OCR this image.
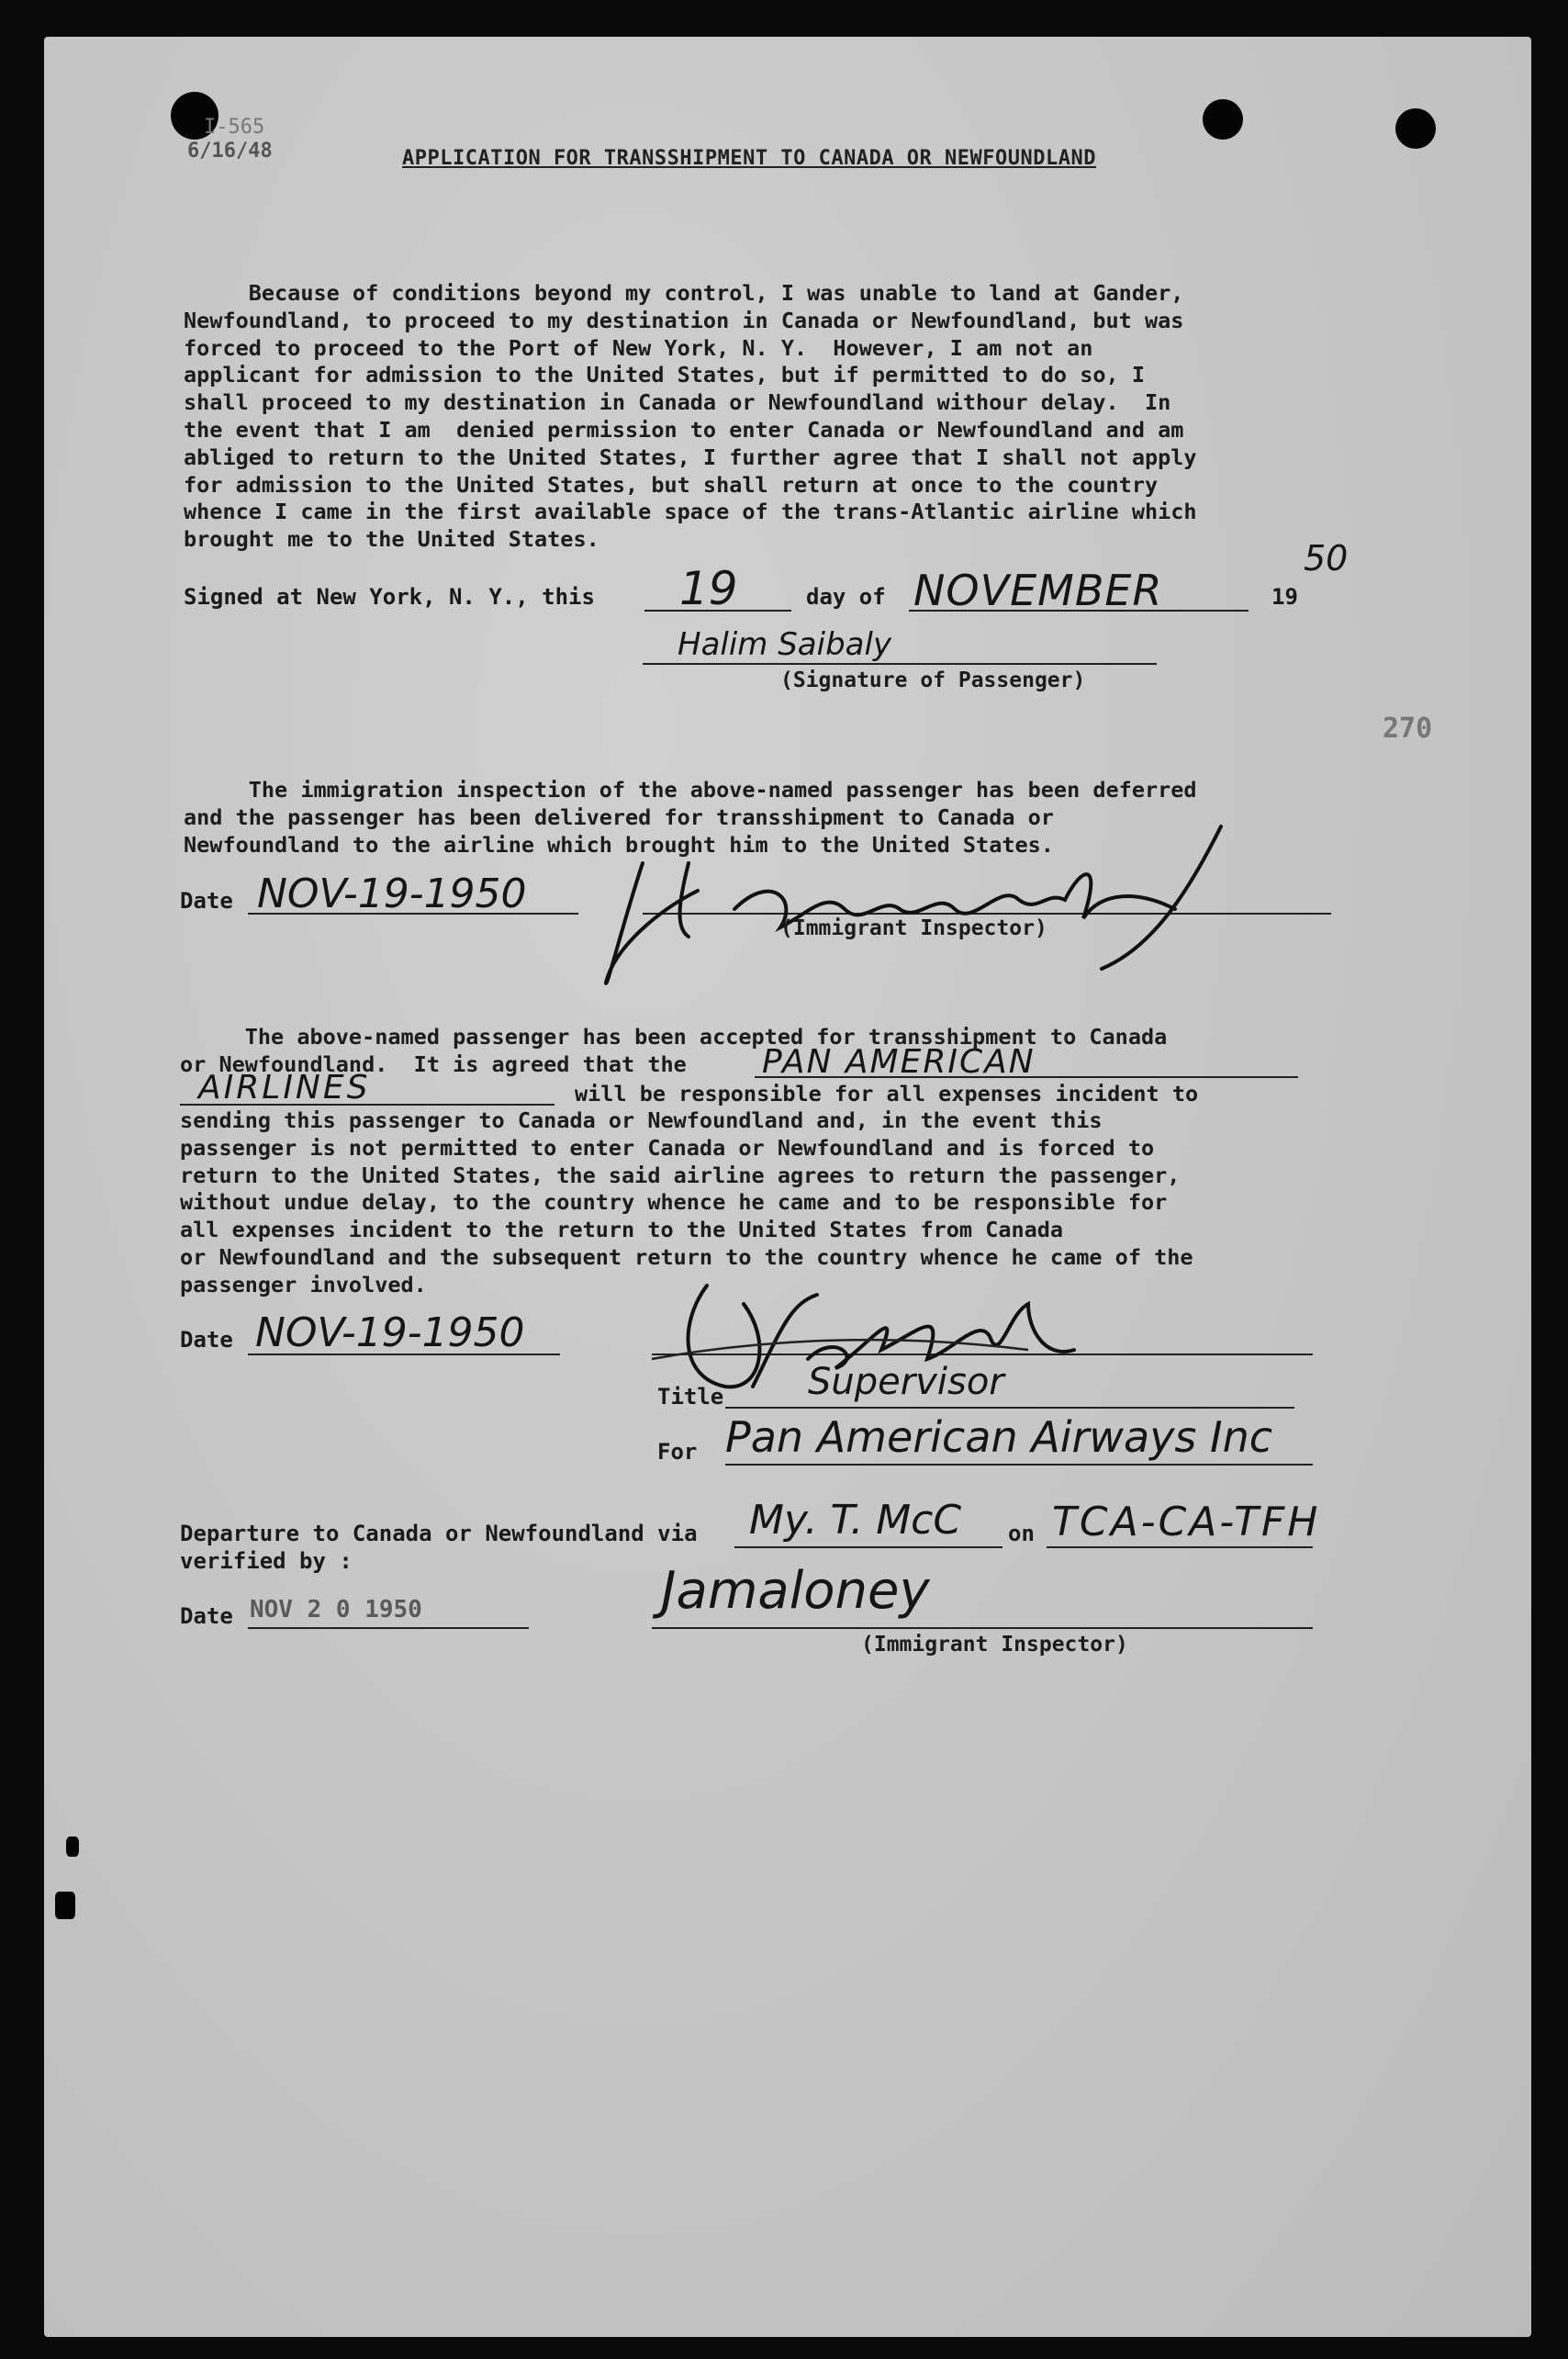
I-565
6/16/48	APPLICATION FOR TRANSSHIPMENT TO CANADA OR NEWFOUNDLAND
Because of conditions beyond my control, I was unable to land at Gander,
Newfoundland, to proceed to my destination in Canada or Newfoundland, but was
forced to proceed to the Port of New York, N. Y.  However, I am not an
applicant for admission to the United States, but if permitted to do so, I
shall proceed to my destination in Canada or Newfoundland withour delay.  In
the event that I am  denied permission to enter Canada or Newfoundland and am
abliged to return to the United States, I further agree that I shall not apply
for admission to the United States, but shall return at once to the country
whence I came in the first available space of the trans-Atlantic airline which
brought me to the United States.
Signed at New York, N. Y., this 19	day of NOVEMBER	19
50
Halim Saibaly
(Signature of Passenger)
270
The immigration inspection of the above-named passenger has been deferred
and the passenger has been delivered for transshipment to Canada or
Newfoundland to the airline which brought him to the United States.
Date NOV-19-1950
(Immigrant Inspector)
The above-named passenger has been accepted for transshipment to Canada
or Newfoundland.  It is agreed that the	PAN AMERICAN
AIRLINES	will be responsible for all expenses incident to
sending this passenger to Canada or Newfoundland and, in the event this
passenger is not permitted to enter Canada or Newfoundland and is forced to
return to the United States, the said airline agrees to return the passenger,
without undue delay, to the country whence he came and to be responsible for
all expenses incident to the return to the United States from Canada
or Newfoundland and the subsequent return to the country whence he came of the
passenger involved.
Date NOV-19-1950
Title Supervisor
For Pan American Airways Inc
Departure to Canada or Newfoundland via My. T. McC on TCA-CA-TFH
verified by :
Date NOV 2 0 1950	Jamaloney
(Immigrant Inspector)
